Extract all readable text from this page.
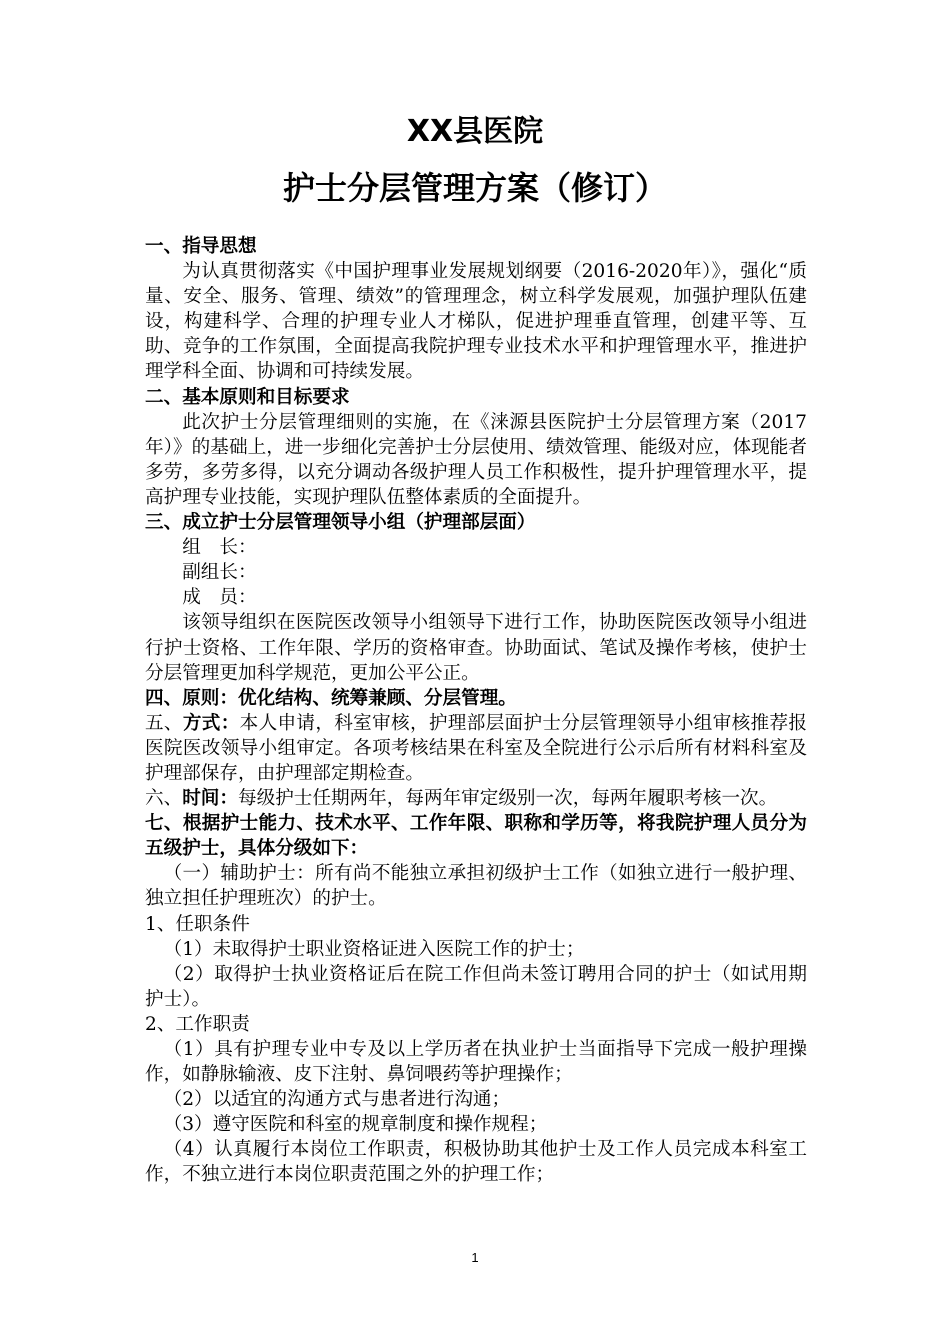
XX县医院
护士分层管理方案（修订）

一、指导思想

为认真贯彻落实《中国护理事业发展规划纲要（2016-2020年）》，强化“质量、安全、服务、管理、绩效”的管理理念，树立科学发展观，加强护理队伍建设，构建科学、合理的护理专业人才梯队，促进护理垂直管理，创建平等、互助、竞争的工作氛围，全面提高我院护理专业技术水平和护理管理水平，推进护理学科全面、协调和可持续发展。

二、基本原则和目标要求

此次护士分层管理细则的实施，在《涞源县医院护士分层管理方案（2017年）》的基础上，进一步细化完善护士分层使用、绩效管理、能级对应，体现能者多劳，多劳多得，以充分调动各级护理人员工作积极性，提升护理管理水平，提高护理专业技能，实现护理队伍整体素质的全面提升。

三、成立护士分层管理领导小组（护理部层面）

组　长：

副组长：

成　员：

该领导组织在医院医改领导小组领导下进行工作，协助医院医改领导小组进行护士资格、工作年限、学历的资格审查。协助面试、笔试及操作考核，使护士分层管理更加科学规范，更加公平公正。

四、原则：优化结构、统筹兼顾、分层管理。

五、方式：本人申请，科室审核，护理部层面护士分层管理领导小组审核推荐报医院医改领导小组审定。各项考核结果在科室及全院进行公示后所有材料科室及护理部保存，由护理部定期检查。

六、时间：每级护士任期两年，每两年审定级别一次，每两年履职考核一次。

七、根据护士能力、技术水平、工作年限、职称和学历等，将我院护理人员分为五级护士，具体分级如下：

（一）辅助护士：所有尚不能独立承担初级护士工作（如独立进行一般护理、独立担任护理班次）的护士。

1、任职条件

（1）未取得护士职业资格证进入医院工作的护士；

（2）取得护士执业资格证后在院工作但尚未签订聘用合同的护士（如试用期护士）。

2、工作职责

（1）具有护理专业中专及以上学历者在执业护士当面指导下完成一般护理操作，如静脉输液、皮下注射、鼻饲喂药等护理操作；

（2）以适宜的沟通方式与患者进行沟通；

（3）遵守医院和科室的规章制度和操作规程；

（4）认真履行本岗位工作职责，积极协助其他护士及工作人员完成本科室工作，不独立进行本岗位职责范围之外的护理工作；

1
